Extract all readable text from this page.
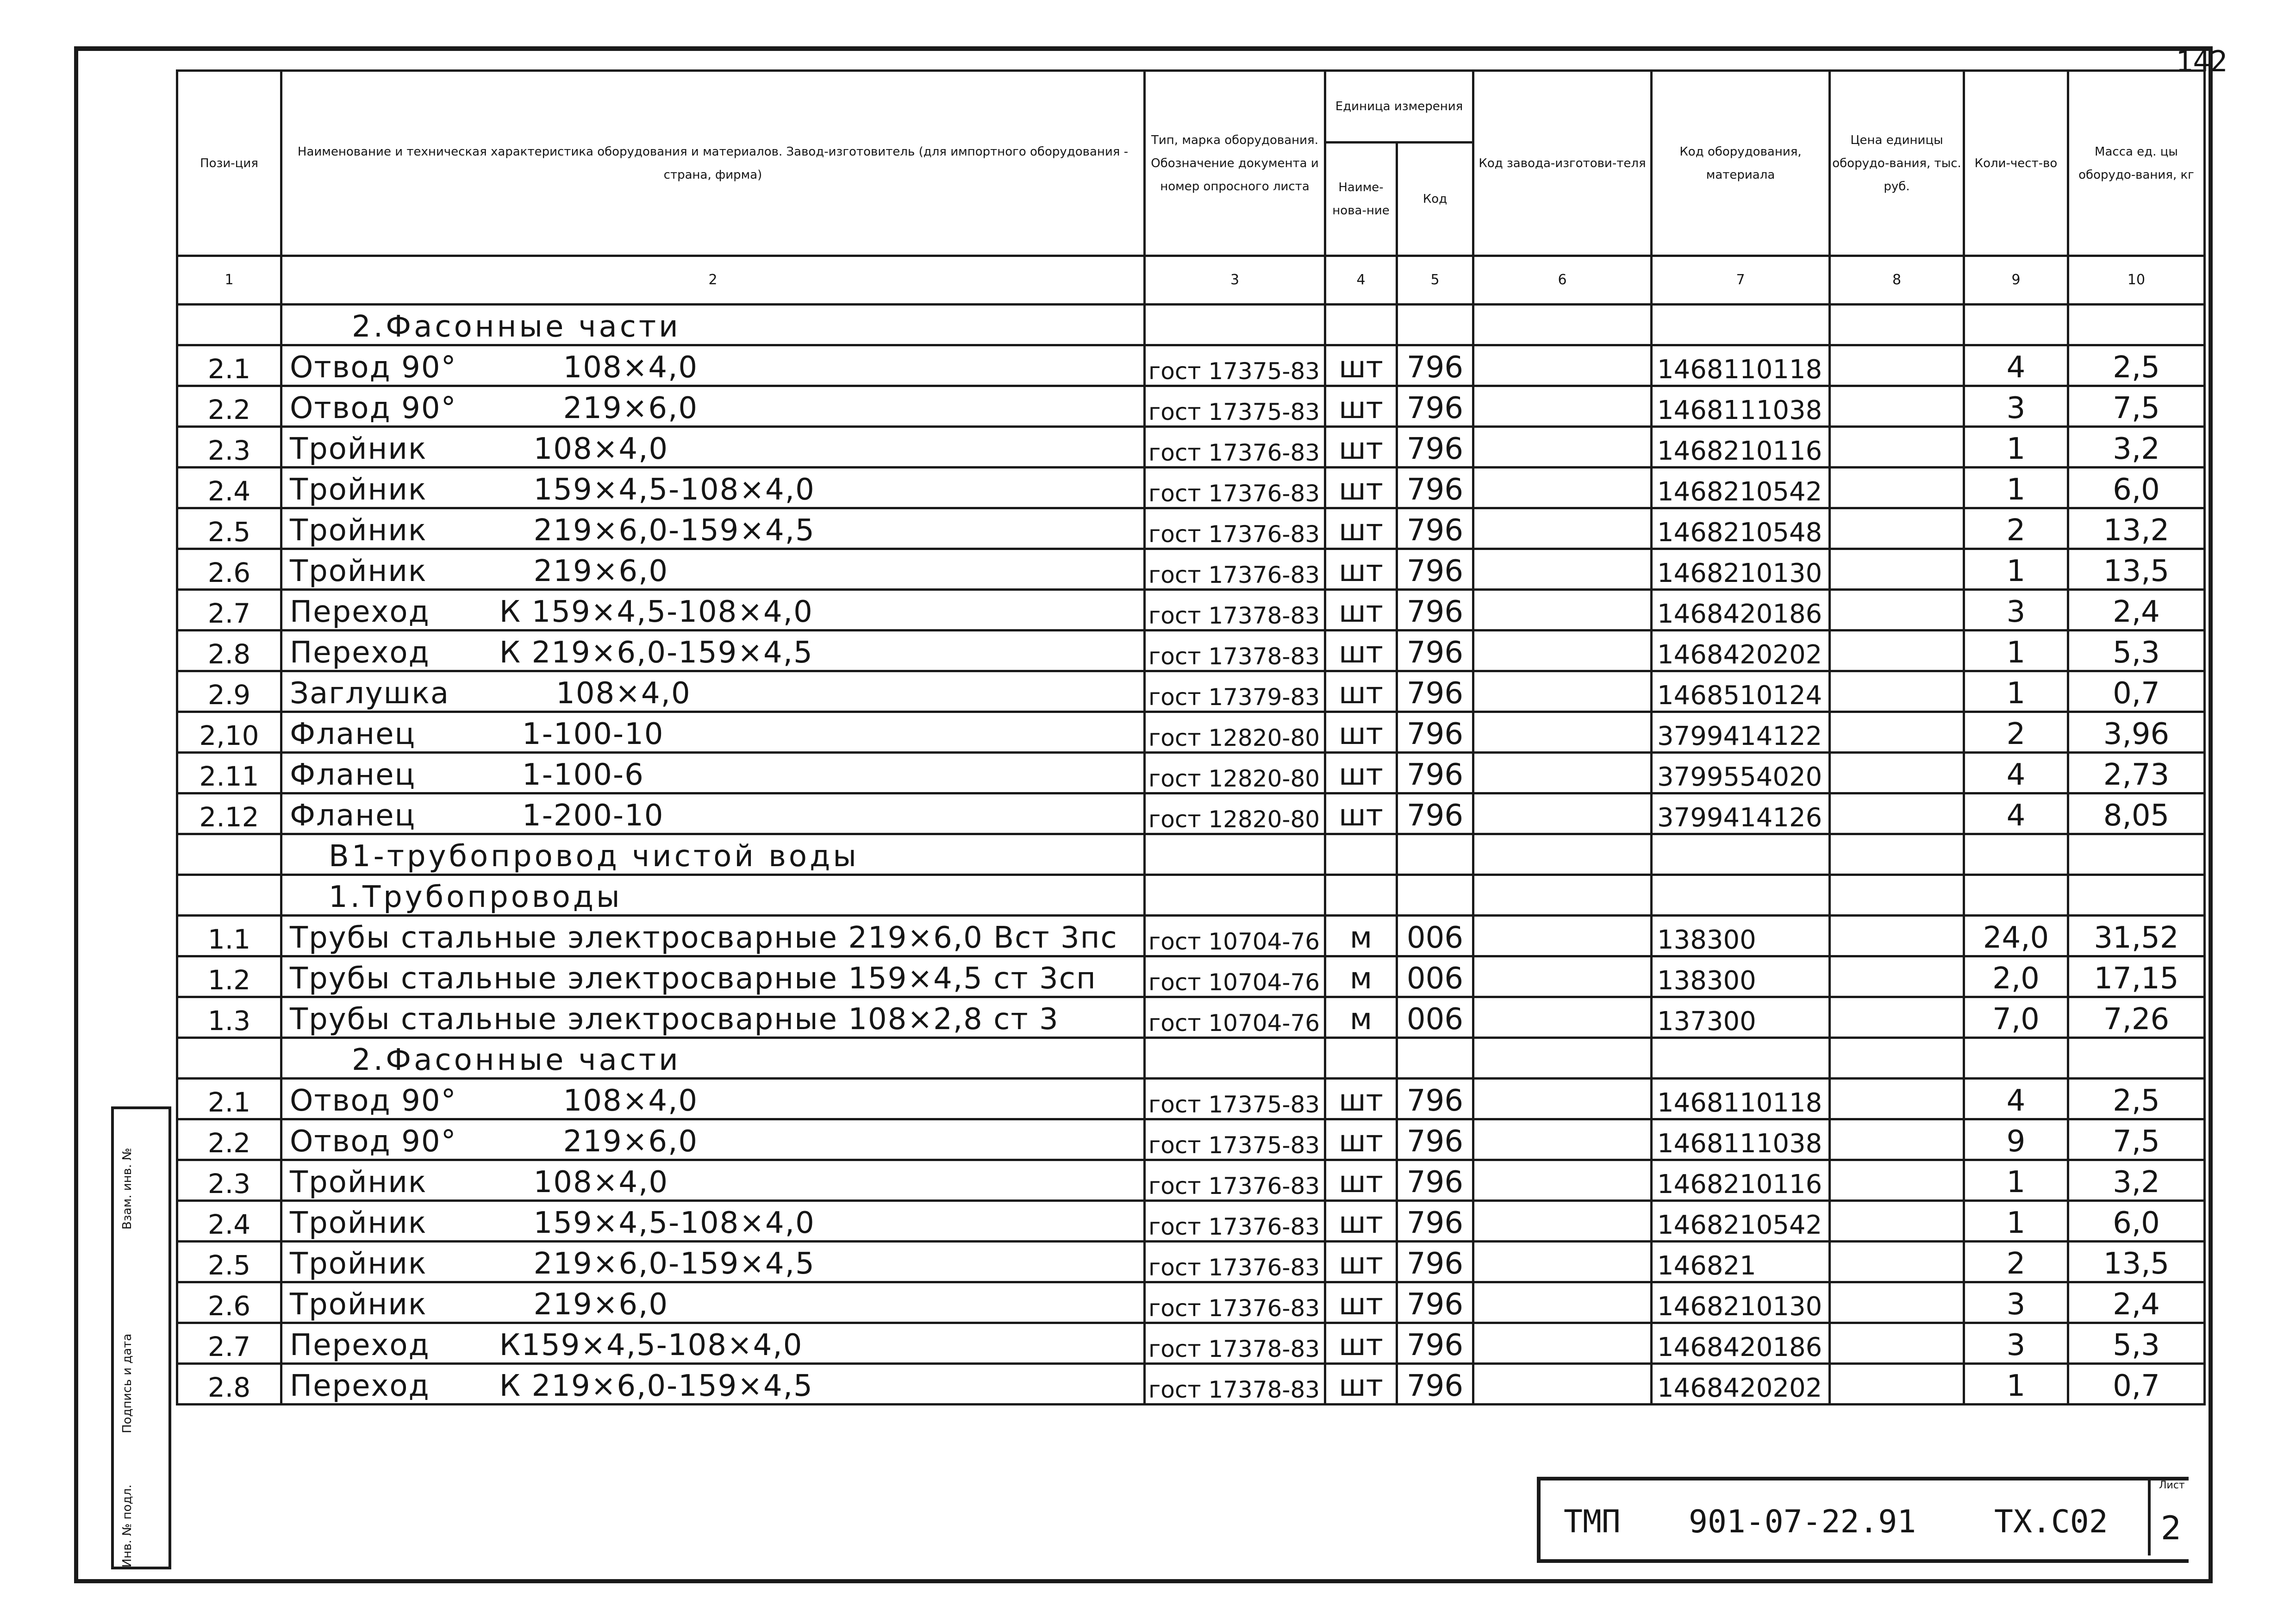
142
Пози-ция	Наименование и техническая характеристика оборудования и материалов. Завод-изготовитель (для импортного оборудования - страна, фирма)	Тип, марка оборудования. Обозначение документа и номер опросного листа	Единица измерения		Код завода-изготови-теля	Код оборудования, материала	Цена единицы оборудо-вания, тыс. руб.	Коли-чест-во	Масса ед. цы оборудо-вания, кг
			Наиме-нова-ние	Код					
1	2	3	4	5	6	7	8	9	10
	2.Фасонные части								
2.1	Отвод 90° 108×4,0	гост 17375-83	шт	796		1468110118		4	2,5
2.2	Отвод 90° 219×6,0	гост 17375-83	шт	796		1468111038		3	7,5
2.3	Тройник 108×4,0	гост 17376-83	шт	796		1468210116		1	3,2
2.4	Тройник 159×4,5-108×4,0	гост 17376-83	шт	796		1468210542		1	6,0
2.5	Тройник 219×6,0-159×4,5	гост 17376-83	шт	796		1468210548		2	13,2
2.6	Тройник 219×6,0	гост 17376-83	шт	796		1468210130		1	13,5
2.7	Переход К 159×4,5-108×4,0	гост 17378-83	шт	796		1468420186		3	2,4
2.8	Переход К 219×6,0-159×4,5	гост 17378-83	шт	796		1468420202		1	5,3
2.9	Заглушка 108×4,0	гост 17379-83	шт	796		1468510124		1	0,7
2,10	Фланец 1-100-10	гост 12820-80	шт	796		3799414122		2	3,96
2.11	Фланец 1-100-6	гост 12820-80	шт	796		3799554020		4	2,73
2.12	Фланец 1-200-10	гост 12820-80	шт	796		3799414126		4	8,05
	В1-трубопровод чистой воды								
	1.Трубопроводы								
1.1	Трубы стальные электросварные 219×6,0 Вст 3пс	гост 10704-76	м	006		138300		24,0	31,52
1.2	Трубы стальные электросварные 159×4,5 ст 3сп	гост 10704-76	м	006		138300		2,0	17,15
1.3	Трубы стальные электросварные 108×2,8 ст 3	гост 10704-76	м	006		137300		7,0	7,26
	2.Фасонные части								
2.1	Отвод 90° 108×4,0	гост 17375-83	шт	796		1468110118		4	2,5
2.2	Отвод 90° 219×6,0	гост 17375-83	шт	796		1468111038		9	7,5
2.3	Тройник 108×4,0	гост 17376-83	шт	796		1468210116		1	3,2
2.4	Тройник 159×4,5-108×4,0	гост 17376-83	шт	796		1468210542		1	6,0
2.5	Тройник 219×6,0-159×4,5	гост 17376-83	шт	796		146821		2	13,5
2.6	Тройник 219×6,0	гост 17376-83	шт	796		1468210130		3	2,4
2.7	Переход К159×4,5-108×4,0	гост 17378-83	шт	796		1468420186		3	5,3
2.8	Переход К 219×6,0-159×4,5	гост 17378-83	шт	796		1468420202		1	0,7
Инв. № подл.
Подпись и дата
Взам. инв. №
ТМП 901-07-22.91 ТХ.С02
Лист
2
